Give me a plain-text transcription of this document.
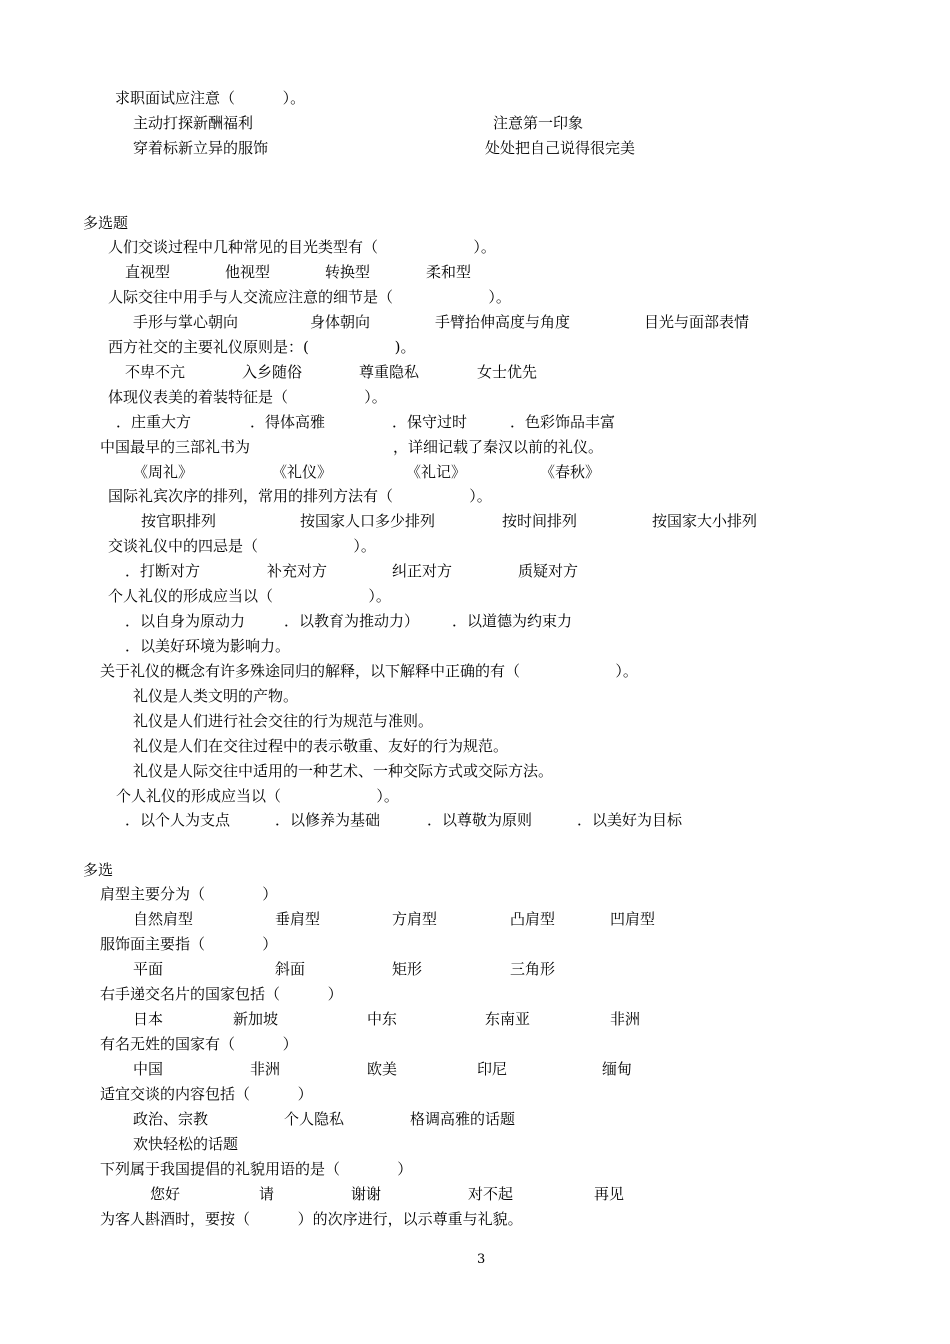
求职面试应注意（          ）。
主动打探新酬福利	注意第一印象
穿着标新立异的服饰	处处把自己说得很完美
多选题
人们交谈过程中几种常见的目光类型有（                    ）。
直视型	他视型	转换型	柔和型
人际交往中用手与人交流应注意的细节是（                    ）。
手形与掌心朝向	身体朝向	手臂抬伸高度与角度	目光与面部表情
西方社交的主要礼仪原则是：(                  )。
不卑不亢	入乡随俗	尊重隐私	女士优先
体现仪表美的着装特征是（                ）。
．庄重大方	．得体高雅	．保守过时	．色彩饰品丰富
中国最早的三部礼书为                              ，详细记载了秦汉以前的礼仪。
《周礼》	《礼仪》	《礼记》	《春秋》
国际礼宾次序的排列，常用的排列方法有（                ）。
按官职排列	按国家人口多少排列	按时间排列	按国家大小排列
交谈礼仪中的四忌是（                    ）。
．打断对方	补充对方	纠正对方	质疑对方
个人礼仪的形成应当以（                    ）。
．以自身为原动力	．以教育为推动力） ．以道德为约束力
．以美好环境为影响力。
关于礼仪的概念有许多殊途同归的解释，以下解释中正确的有（                    ）。
礼仪是人类文明的产物。
礼仪是人们进行社会交往的行为规范与准则。
礼仪是人们在交往过程中的表示敬重、友好的行为规范。
礼仪是人际交往中适用的一种艺术、一种交际方式或交际方法。
个人礼仪的形成应当以（                    ）。
．以个人为支点	．以修养为基础	．以尊敬为原则	．以美好为目标
多选
肩型主要分为（            ）
自然肩型	垂肩型	方肩型	凸肩型	凹肩型
服饰面主要指（            ）
平面	斜面	矩形	三角形
右手递交名片的国家包括（          ）
日本	新加坡	中东	东南亚	非洲
有名无姓的国家有（          ）
中国	非洲	欧美	印尼	缅甸
适宜交谈的内容包括（          ）
政治、宗教	个人隐私	格调高雅的话题
欢快轻松的话题
下列属于我国提倡的礼貌用语的是（            ）
您好	请	谢谢	对不起	再见
为客人斟酒时，要按（          ）的次序进行，以示尊重与礼貌。
3
